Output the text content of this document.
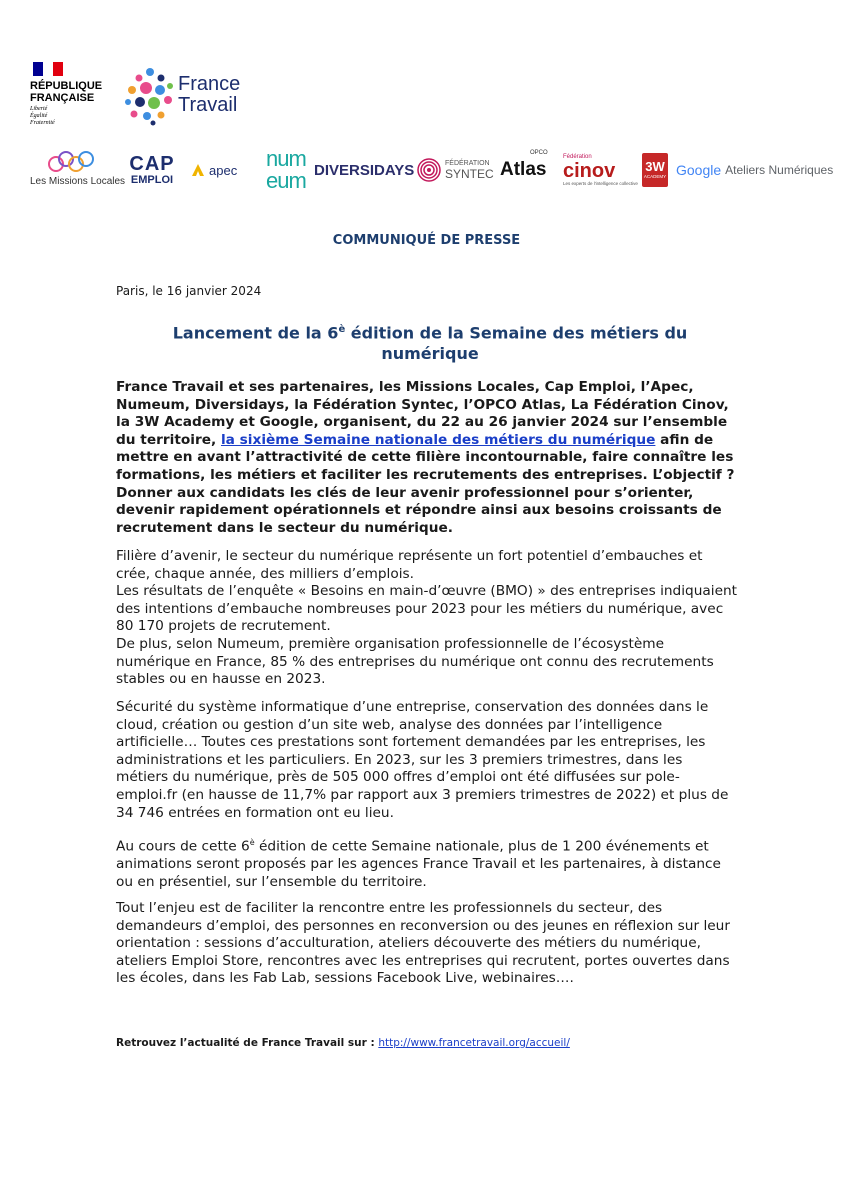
RÉPUBLIQUE
FRANÇAISE
Liberté
Égalité
Fraternité
France
Travail
Les Missions Locales
CAP
EMPLOI
apec num
eum DIVERSIDAYS	FÉDÉRATION
SYNTEC
OPCO
Atlas
Fédération
cinov
Les experts de l'intelligence collective
3W
ACADEMY Google Ateliers Numériques
COMMUNIQUÉ DE PRESSE
Paris, le 16 janvier 2024
Lancement de la $6^è$ édition de la Semaine des métiers du numérique
France Travail et ses partenaires, les Missions Locales, Cap Emploi, l’Apec, Numeum, Diversidays, la Fédération Syntec, l’OPCO Atlas, La Fédération Cinov, la 3W Academy et Google, organisent, du 22 au 26 janvier 2024 sur l’ensemble du territoire, la sixième Semaine nationale des métiers du numérique afin de mettre en avant l’attractivité de cette filière incontournable, faire connaître les formations, les métiers et faciliter les recrutements des entreprises. L’objectif ? Donner aux candidats les clés de leur avenir professionnel pour s’orienter, devenir rapidement opérationnels et répondre ainsi aux besoins croissants de recrutement dans le secteur du numérique.
Filière d’avenir, le secteur du numérique représente un fort potentiel d’embauches et crée, chaque année, des milliers d’emplois.
Les résultats de l’enquête « Besoins en main-d’œuvre (BMO) » des entreprises indiquaient des intentions d’embauche nombreuses pour 2023 pour les métiers du numérique, avec 80 170 projets de recrutement.
De plus, selon Numeum, première organisation professionnelle de l’écosystème numérique en France, 85 % des entreprises du numérique ont connu des recrutements stables ou en hausse en 2023.
Sécurité du système informatique d’une entreprise, conservation des données dans le cloud, création ou gestion d’un site web, analyse des données par l’intelligence artificielle… Toutes ces prestations sont fortement demandées par les entreprises, les administrations et les particuliers. En 2023, sur les 3 premiers trimestres, dans les métiers du numérique, près de 505 000 offres d’emploi ont été diffusées sur pole-emploi.fr (en hausse de 11,7% par rapport aux 3 premiers trimestres de 2022) et plus de 34 746 entrées en formation ont eu lieu.
Au cours de cette $6^è$ édition de cette Semaine nationale, plus de 1 200 événements et animations seront proposés par les agences France Travail et les partenaires, à distance ou en présentiel, sur l’ensemble du territoire.
Tout l’enjeu est de faciliter la rencontre entre les professionnels du secteur, des demandeurs d’emploi, des personnes en reconversion ou des jeunes en réflexion sur leur orientation : sessions d’acculturation, ateliers découverte des métiers du numérique, ateliers Emploi Store, rencontres avec les entreprises qui recrutent, portes ouvertes dans les écoles, dans les Fab Lab, sessions Facebook Live, webinaires….
Retrouvez l’actualité de France Travail sur : http://www.francetravail.org/accueil/
